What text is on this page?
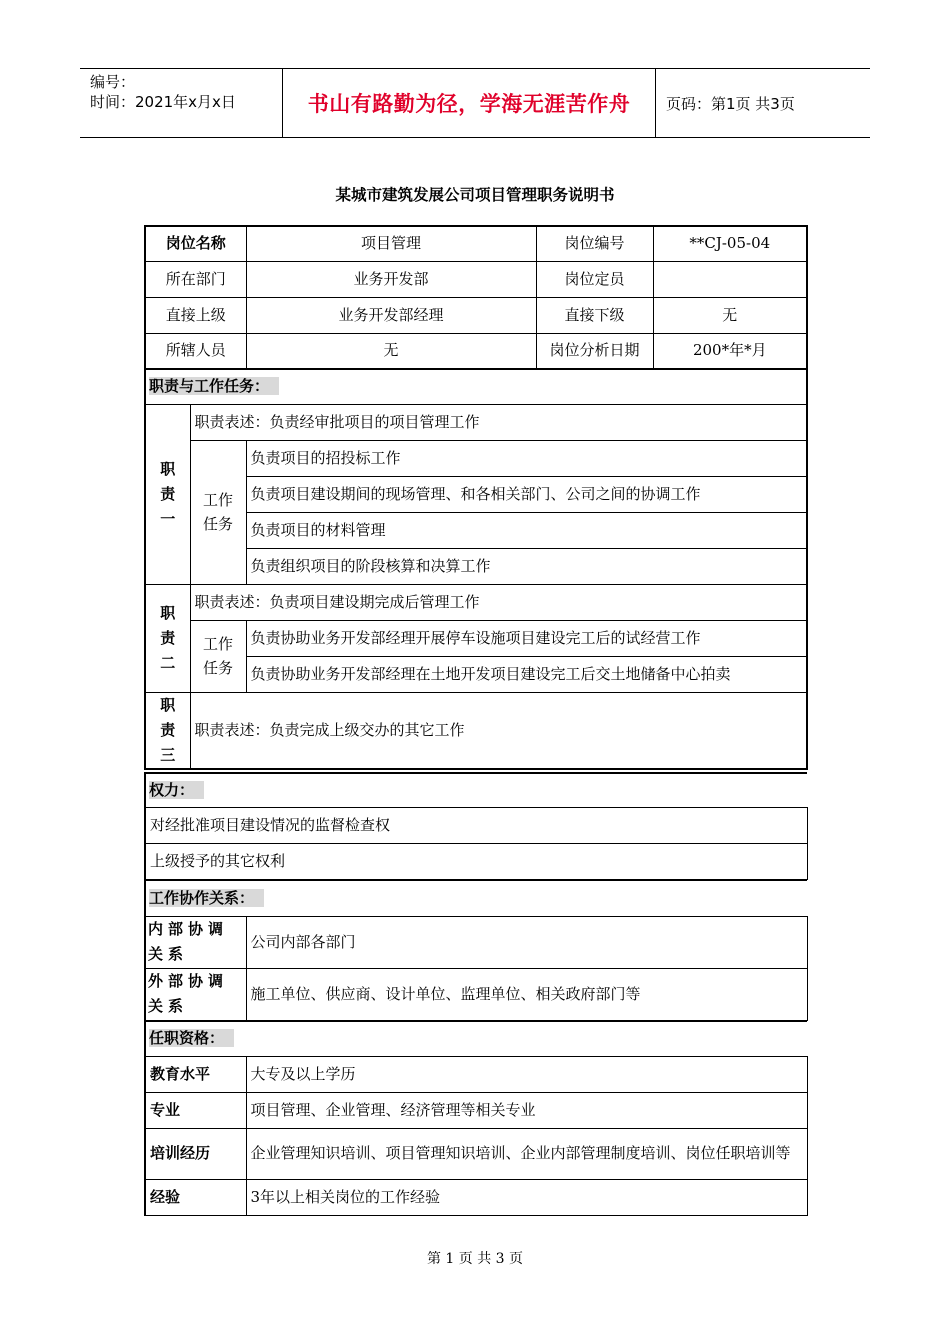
编号：
时间：2021年x月x日	书山有路勤为径，学海无涯苦作舟 页码：第1页 共3页
某城市建筑发展公司项目管理职务说明书
岗位名称		项目管理	岗位编号	**CJ-05-04
所在部门		业务开发部	岗位定员	
直接上级		业务开发部经理	直接下级	无
所辖人员		无	岗位分析日期	200*年*月
职责与工作任务：				
职
责
一	职责表述：负责经审批项目的项目管理工作			
	工作
任务	负责项目的招投标工作		
		负责项目建设期间的现场管理、和各相关部门、公司之间的协调工作		
		负责项目的材料管理		
		负责组织项目的阶段核算和决算工作		
职
责
二	职责表述：负责项目建设期完成后管理工作			
	工作
任务	负责协助业务开发部经理开展停车设施项目建设完工后的试经营工作		
		负责协助业务开发部经理在土地开发项目建设完工后交土地储备中心拍卖		
职
责
三	职责表述：负责完成上级交办的其它工作			
权力：
对经批准项目建设情况的监督检查权
上级授予的其它权利
工作协作关系：	
内部协调关系	公司内部各部门
外部协调关系	施工单位、供应商、设计单位、监理单位、相关政府部门等
任职资格：	
教育水平	大专及以上学历
专业	项目管理、企业管理、经济管理等相关专业
培训经历	企业管理知识培训、项目管理知识培训、企业内部管理制度培训、岗位任职培训等
经验	3年以上相关岗位的工作经验
第 1 页 共 3 页
